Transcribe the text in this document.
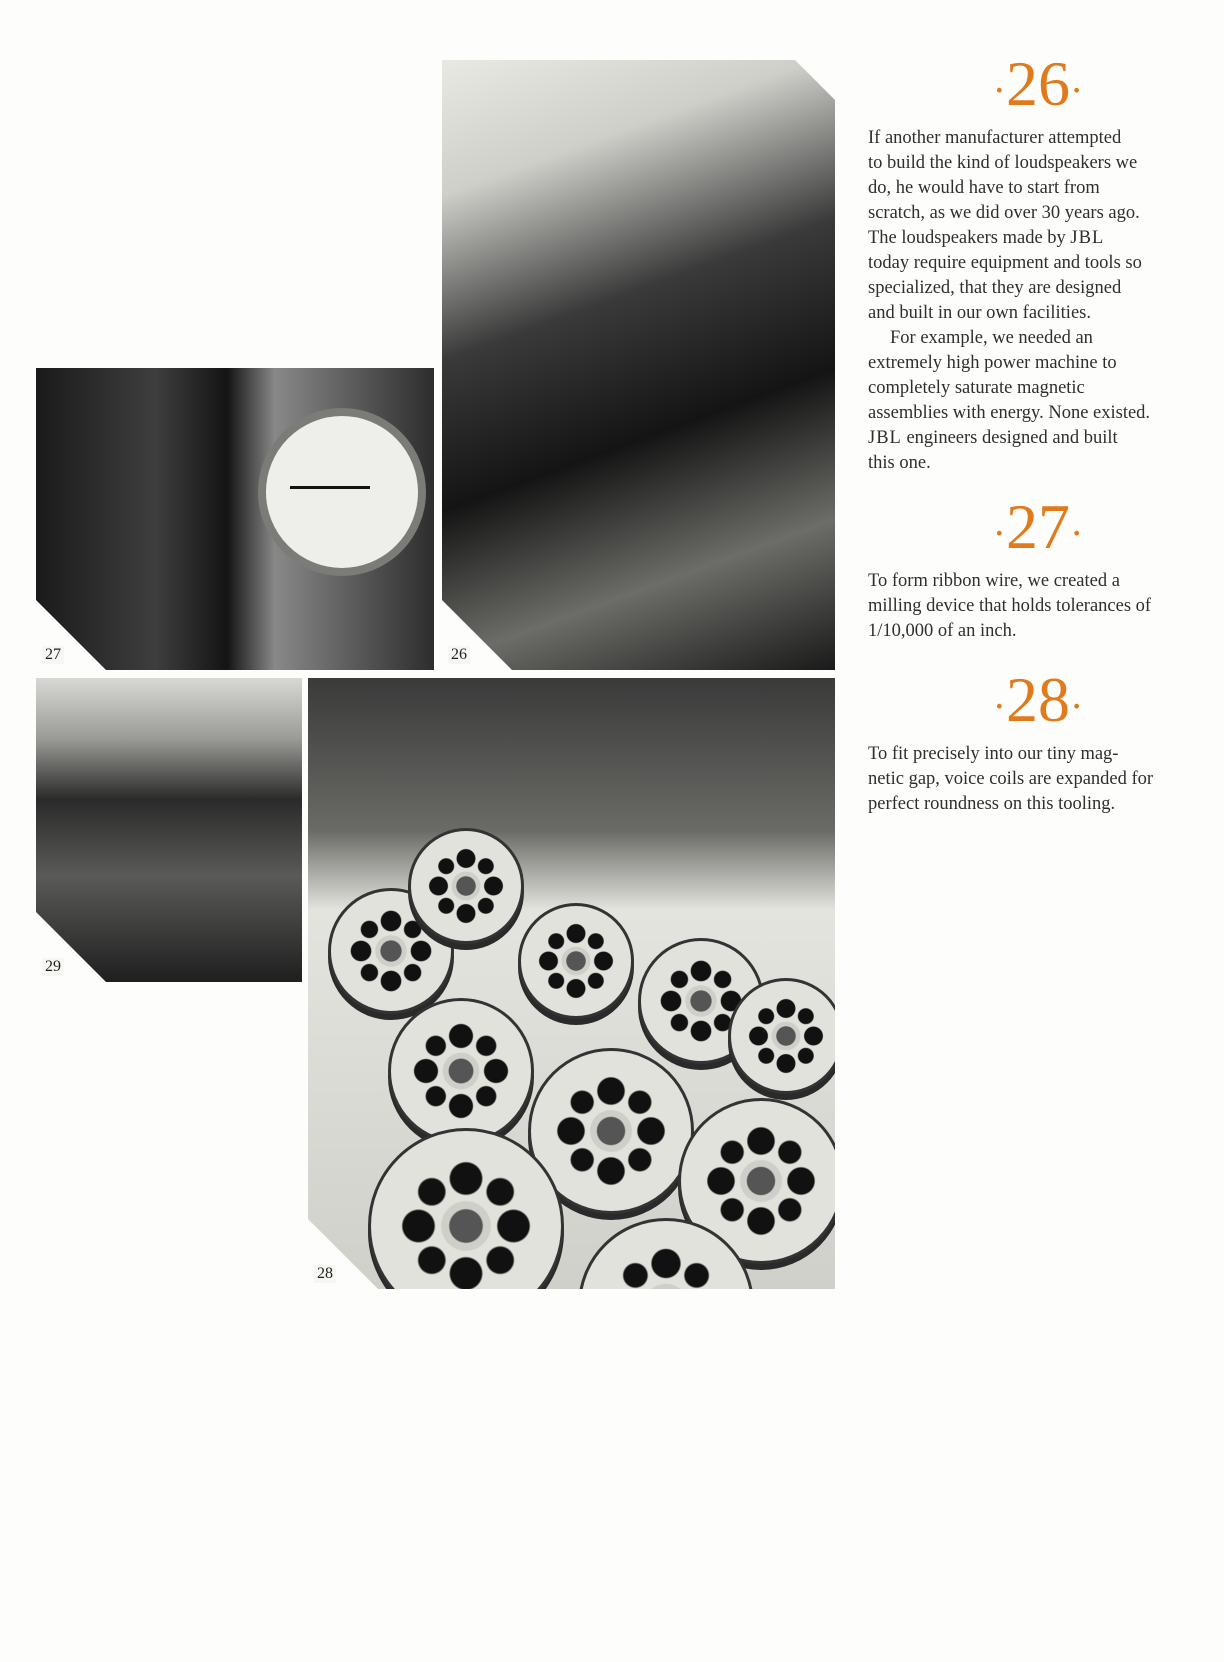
26
27
29
28
·26·

If another manufacturer attempted
to build the kind of loudspeakers we
do, he would have to start from
scratch, as we did over 30 years ago.
The loudspeakers made by JBL
today require equipment and tools so
specialized, that they are designed
and built in our own facilities.

For example, we needed an
extremely high power machine to
completely saturate magnetic
assemblies with energy. None existed.
JBL engineers designed and built
this one.

·27·

To form ribbon wire, we created a
milling device that holds tolerances of
1/10,000 of an inch.

·28·

To fit precisely into our tiny mag-
netic gap, voice coils are expanded for
perfect roundness on this tooling.
